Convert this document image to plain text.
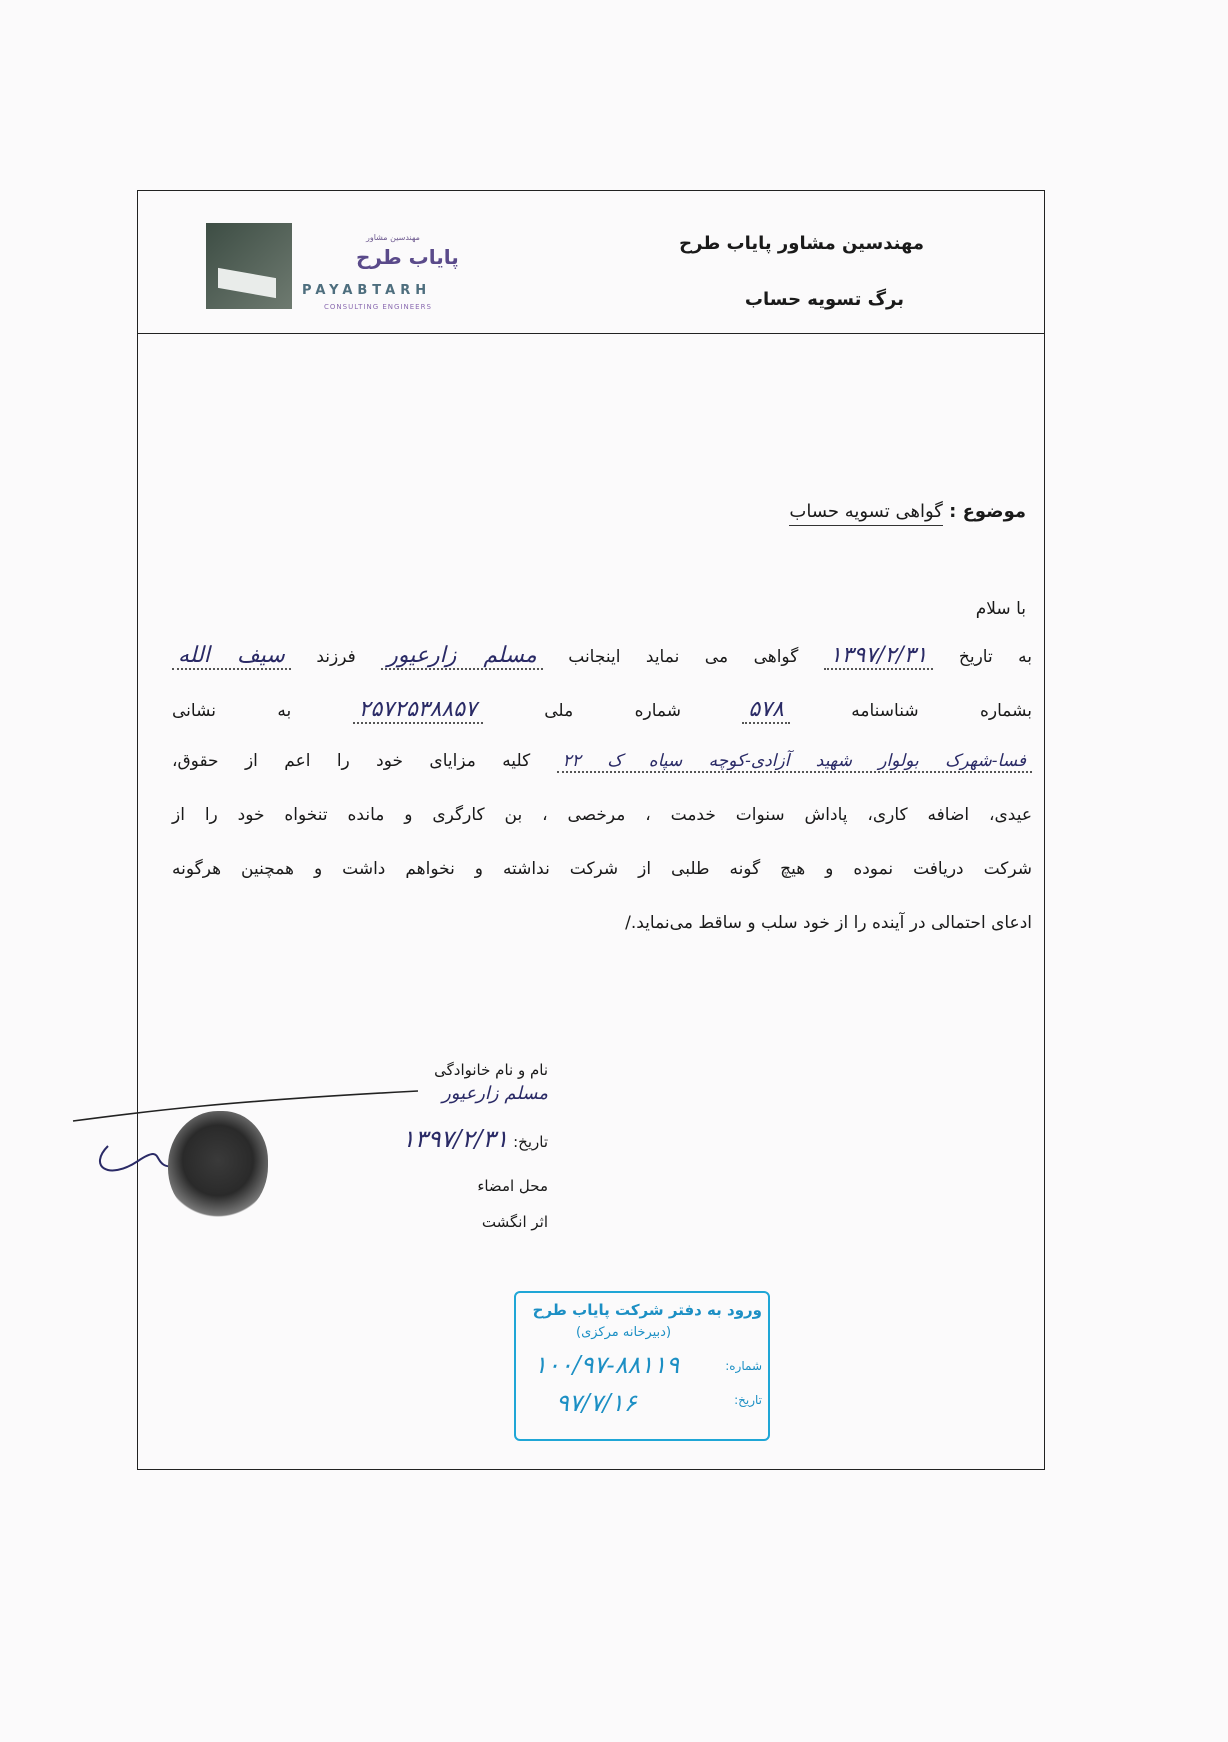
مهندسین مشاور پایاب طرح
برگ تسویه حساب
مهندسین مشاور
پایاب طرح
PAYABTARH
CONSULTING ENGINEERS
موضوع : گواهی تسویه حساب
با سلام
به تاریخ ۱۳۹۷/۲/۳۱ گواهی می نماید اینجانب مسلم زارعیور فرزند سیف الله
بشماره شناسنامه ۵۷۸ شماره ملی ۲۵۷۲۵۳۸۸۵۷ به نشانی
فسا-شهرک بولوار شهید آزادی-کوچه سپاه ک ۲۲ کلیه مزایای خود را اعم از حقوق،
عیدی، اضافه کاری، پاداش سنوات خدمت ، مرخصی ، بن کارگری و مانده تنخواه خود را از
شرکت دریافت نموده و هیچ گونه طلبی از شرکت نداشته و نخواهم داشت و همچنین هرگونه
ادعای احتمالی در آینده را از خود سلب و ساقط می‌نماید./
نام و نام خانوادگی
مسلم زارعیور
تاریخ: ۱۳۹۷/۲/۳۱
محل امضاء
اثر انگشت
ورود به دفتر شرکت پایاب طرح
(دبیرخانه مرکزی)
شماره:
۱۰۰/۹۷-۸۸۱۱۹
تاریخ:
۹۷/۷/۱۶
